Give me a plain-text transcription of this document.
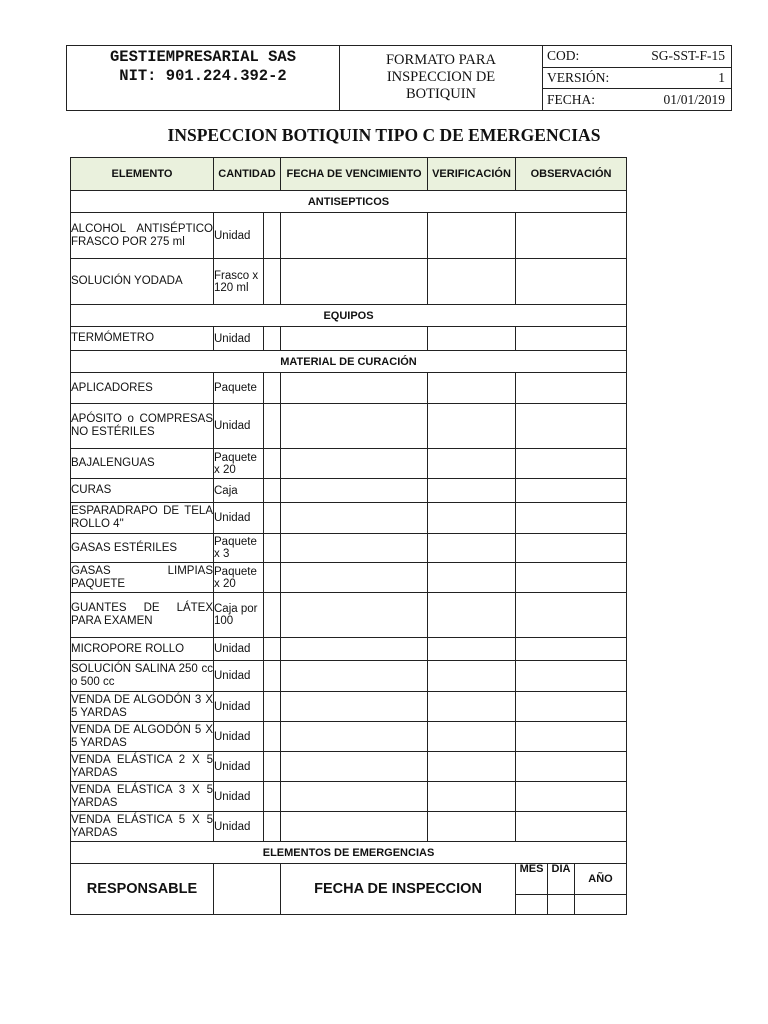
GESTIEMPRESARIAL SAS
NIT: 901.224.392-2
FORMATO PARA
INSPECCION DE
BOTIQUIN
COD:	SG-SST-F-15
VERSIÓN:	1
FECHA:	01/01/2019
INSPECCION BOTIQUIN TIPO C DE EMERGENCIAS
ELEMENTO	CANTIDAD		FECHA DE VENCIMIENTO	VERIFICACIÓN	OBSERVACIÓN		
ANTISEPTICOS							
ALCOHOL ANTISÉPTICO FRASCO POR 275 ml	Unidad						
SOLUCIÓN YODADA	Frasco x 120 ml						
EQUIPOS							
TERMÓMETRO	Unidad						
MATERIAL DE CURACIÓN							
APLICADORES	Paquete						
APÓSITO o COMPRESAS NO ESTÉRILES	Unidad						
BAJALENGUAS	Paquete x 20						
CURAS	Caja						
ESPARADRAPO DE TELA ROLLO 4"	Unidad						
GASAS ESTÉRILES	Paquete x 3						
GASAS LIMPIAS PAQUETE	Paquete x 20						
GUANTES DE LÁTEX PARA EXAMEN	Caja por 100						
MICROPORE ROLLO	Unidad						
SOLUCIÓN SALINA 250 cc o 500 cc	Unidad						
VENDA DE ALGODÓN 3 X 5 YARDAS	Unidad						
VENDA DE ALGODÓN 5 X 5 YARDAS	Unidad						
VENDA ELÁSTICA 2 X 5 YARDAS	Unidad						
VENDA ELÁSTICA 3 X 5 YARDAS	Unidad						
VENDA ELÁSTICA 5 X 5 YARDAS	Unidad						
ELEMENTOS DE EMERGENCIAS							
RESPONSABLE			FECHA DE INSPECCION		MES	DIA	AÑO
